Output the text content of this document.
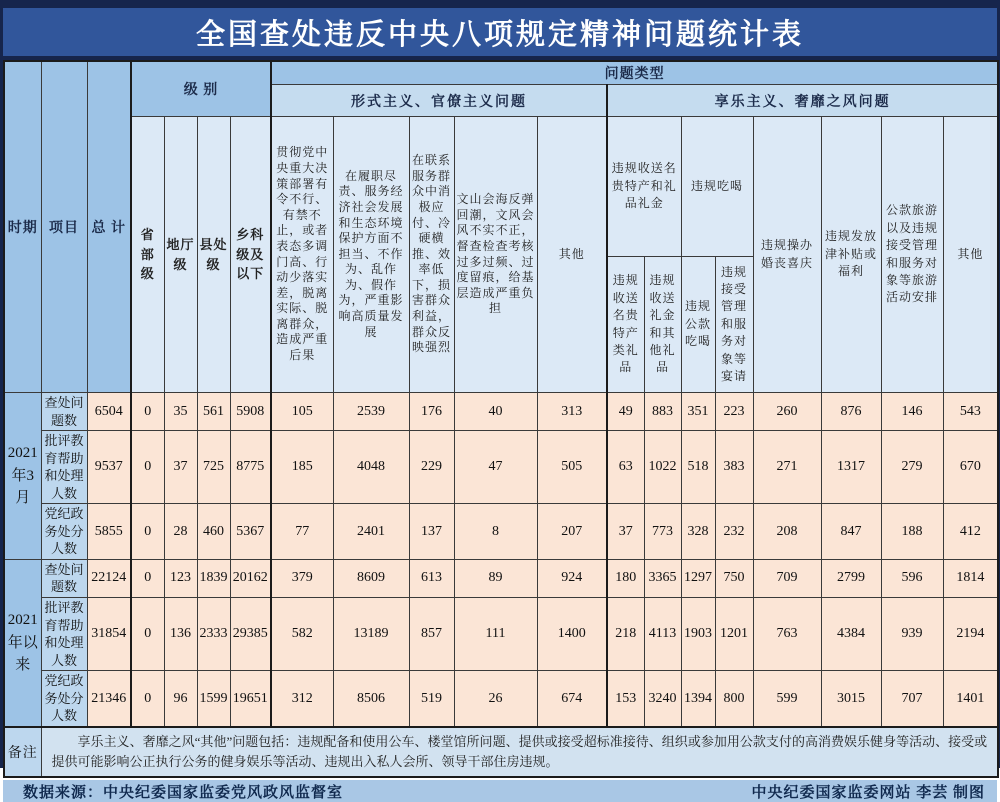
全国查处违反中央八项规定精神问题统计表
时期	项目	总 计	级 别				问题类型												
							形式主义、官僚主义问题					享乐主义、奢靡之风问题							
			省部级	地厅级	县处级	乡科级及以下	贯彻党中央重大决策部署有令不行、有禁不止，或者表态多调门高、行动少落实差，脱离实际、脱离群众，造成严重后果	在履职尽责、服务经济社会发展和生态环境保护方面不担当、不作为、乱作为、假作为，严重影响高质量发展	在联系服务群众中消极应付、冷硬横推、效率低下，损害群众利益，群众反映强烈	文山会海反弹回潮，文风会风不实不正，督查检查考核过多过频、过度留痕，给基层造成严重负担	其他	违规收送名贵特产和礼品礼金		违规吃喝		违规操办婚丧喜庆	违规发放津补贴或福利	公款旅游以及违规接受管理和服务对象等旅游活动安排	其他
												违规收送名贵特产类礼品	违规收送礼金和其他礼品	违规公款吃喝	违规接受管理和服务对象等宴请				
2021年3月	查处问题数	6504	0	35	561	5908	105	2539	176	40	313	49	883	351	223	260	876	146	543
	批评教育帮助和处理人数	9537	0	37	725	8775	185	4048	229	47	505	63	1022	518	383	271	1317	279	670
	党纪政务处分人数	5855	0	28	460	5367	77	2401	137	8	207	37	773	328	232	208	847	188	412
2021年以来	查处问题数	22124	0	123	1839	20162	379	8609	613	89	924	180	3365	1297	750	709	2799	596	1814
	批评教育帮助和处理人数	31854	0	136	2333	29385	582	13189	857	111	1400	218	4113	1903	1201	763	4384	939	2194
	党纪政务处分人数	21346	0	96	1599	19651	312	8506	519	26	674	153	3240	1394	800	599	3015	707	1401
备注	享乐主义、奢靡之风“其他”问题包括：违规配备和使用公车、楼堂馆所问题、提供或接受超标准接待、组织或参加用公款支付的高消费娱乐健身等活动、接受或提供可能影响公正执行公务的健身娱乐等活动、违规出入私人会所、领导干部住房违规。																		

数据来源：中央纪委国家监委党风政风监督室	中央纪委国家监委网站 李芸 制图
